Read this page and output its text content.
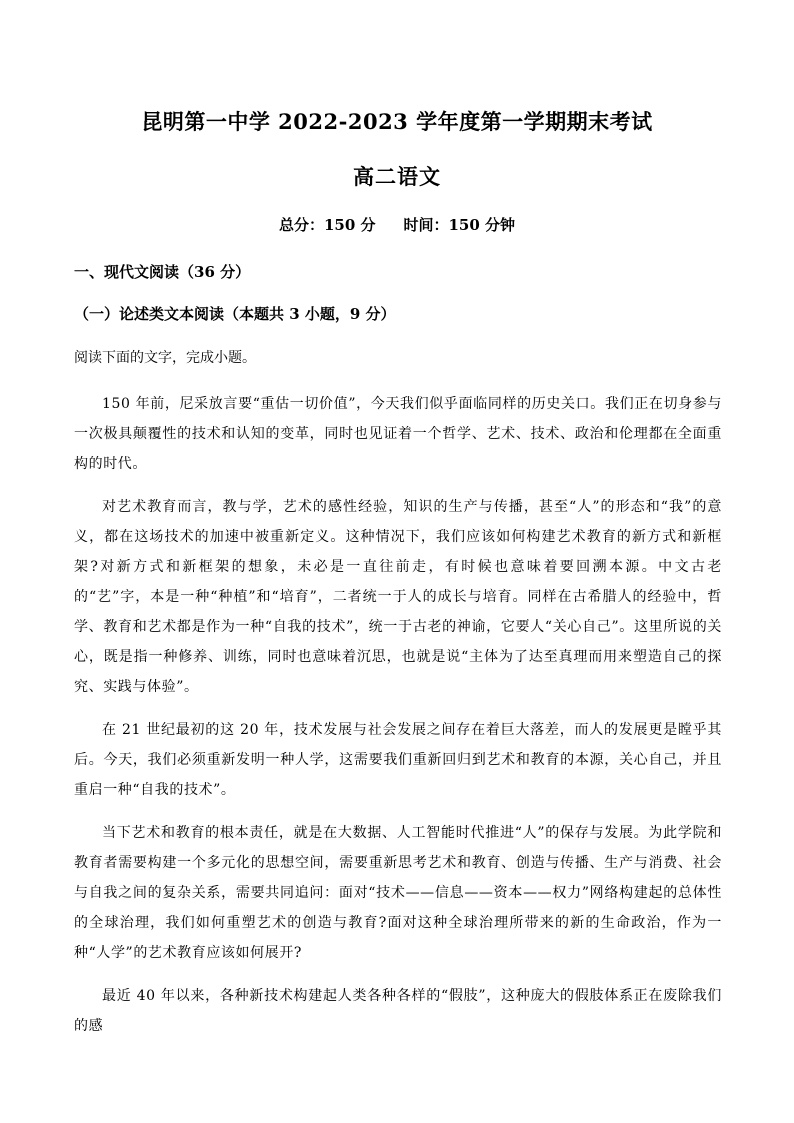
昆明第一中学 2022-2023 学年度第一学期期末考试
高二语文
总分：150 分 时间：150 分钟
一、现代文阅读（36 分）
（一）论述类文本阅读（本题共 3 小题，9 分）
阅读下面的文字，完成小题。

150 年前，尼采放言要“重估一切价值”，今天我们似乎面临同样的历史关口。我们正在切身参与一次极具颠覆性的技术和认知的变革，同时也见证着一个哲学、艺术、技术、政治和伦理都在全面重构的时代。

对艺术教育而言，教与学，艺术的感性经验，知识的生产与传播，甚至“人”的形态和“我”的意义，都在这场技术的加速中被重新定义。这种情况下，我们应该如何构建艺术教育的新方式和新框架?对新方式和新框架的想象，未必是一直往前走，有时候也意味着要回溯本源。中文古老的“艺”字，本是一种“种植”和“培育”，二者统一于人的成长与培育。同样在古希腊人的经验中，哲学、教育和艺术都是作为一种“自我的技术”，统一于古老的神谕，它要人“关心自己”。这里所说的关心，既是指一种修养、训练，同时也意味着沉思，也就是说“主体为了达至真理而用来塑造自己的探究、实践与体验”。

在 21 世纪最初的这 20 年，技术发展与社会发展之间存在着巨大落差，而人的发展更是瞠乎其后。今天，我们必须重新发明一种人学，这需要我们重新回归到艺术和教育的本源，关心自己，并且重启一种“自我的技术”。

当下艺术和教育的根本责任，就是在大数据、人工智能时代推进“人”的保存与发展。为此学院和教育者需要构建一个多元化的思想空间，需要重新思考艺术和教育、创造与传播、生产与消费、社会与自我之间的复杂关系，需要共同追问：面对“技术——信息——资本——权力”网络构建起的总体性的全球治理，我们如何重塑艺术的创造与教育?面对这种全球治理所带来的新的生命政治，作为一种“人学”的艺术教育应该如何展开?

最近 40 年以来，各种新技术构建起人类各种各样的“假肢”，这种庞大的假肢体系正在废除我们的感
